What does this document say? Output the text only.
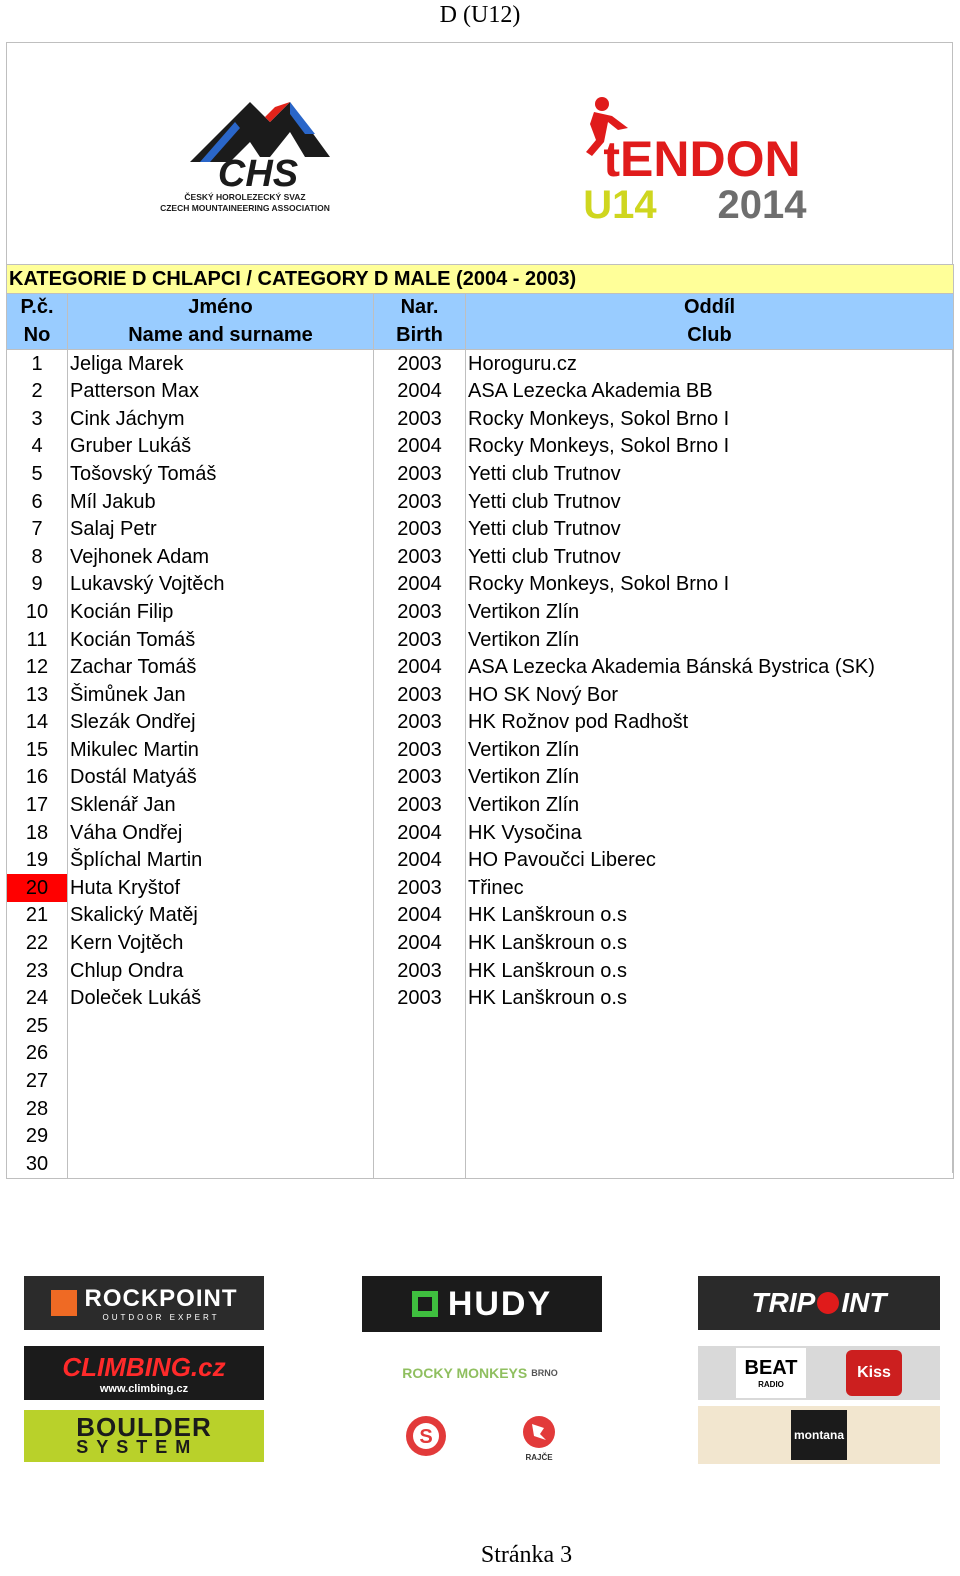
D (U12)
CHS
ČESKÝ HOROLEZECKÝ SVAZ
CZECH MOUNTAINEERING ASSOCIATION
tENDON
U14 2014
KATEGORIE D CHLAPCI / CATEGORY D MALE (2004 - 2003)			
P.č.	Jméno	Nar.	Oddíl
No	Name and surname	Birth	Club
1	Jeliga Marek	2003	Horoguru.cz
2	Patterson Max	2004	ASA Lezecka Akademia BB
3	Cink Jáchym	2003	Rocky Monkeys, Sokol Brno I
4	Gruber Lukáš	2004	Rocky Monkeys, Sokol Brno I
5	Tošovský Tomáš	2003	Yetti club Trutnov
6	Míl Jakub	2003	Yetti club Trutnov
7	Salaj Petr	2003	Yetti club Trutnov
8	Vejhonek Adam	2003	Yetti club Trutnov
9	Lukavský Vojtěch	2004	Rocky Monkeys, Sokol Brno I
10	Kocián Filip	2003	Vertikon Zlín
11	Kocián Tomáš	2003	Vertikon Zlín
12	Zachar Tomáš	2004	ASA Lezecka Akademia Bánská Bystrica (SK)
13	Šimůnek Jan	2003	HO SK Nový Bor
14	Slezák Ondřej	2003	HK Rožnov pod Radhošt
15	Mikulec Martin	2003	Vertikon Zlín
16	Dostál Matyáš	2003	Vertikon Zlín
17	Sklenář Jan	2003	Vertikon Zlín
18	Váha Ondřej	2004	HK Vysočina
19	Šplíchal Martin	2004	HO Pavoučci Liberec
20	Huta Kryštof	2003	Třinec
21	Skalický Matěj	2004	HK Lanškroun o.s
22	Kern Vojtěch	2004	HK Lanškroun o.s
23	Chlup Ondra	2003	HK Lanškroun o.s
24	Doleček Lukáš	2003	HK Lanškroun o.s
25			
26			
27			
28			
29			
30			
ROCKPOINT
OUTDOOR EXPERT	HUDY	TRIP INT
CLIMBING.cz
www.climbing.cz
ROCKY MONKEYS BRNO	BEAT
RADIO
Kiss
BOULDER
SYSTEM	S
RAJČE
montana
Stránka 3
